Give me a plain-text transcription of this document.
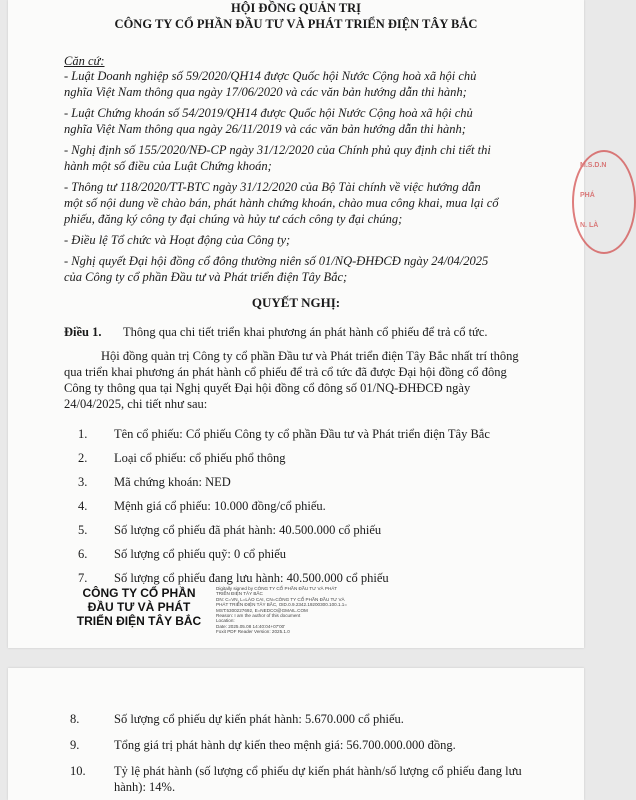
HỘI ĐỒNG QUẢN TRỊ
CÔNG TY CỔ PHẦN ĐẦU TƯ VÀ PHÁT TRIỂN ĐIỆN TÂY BẮC
Căn cứ:
- Luật Doanh nghiệp số 59/2020/QH14 được Quốc hội Nước Cộng hoà xã hội chủ
nghĩa Việt Nam thông qua ngày 17/06/2020 và các văn bản hướng dẫn thi hành;
- Luật Chứng khoán số 54/2019/QH14 được Quốc hội Nước Cộng hoà xã hội chủ
nghĩa Việt Nam thông qua ngày 26/11/2019 và các văn bản hướng dẫn thi hành;
- Nghị định số 155/2020/NĐ-CP ngày 31/12/2020 của Chính phủ quy định chi tiết thi
hành một số điều của Luật Chứng khoán;
- Thông tư 118/2020/TT-BTC ngày 31/12/2020 của Bộ Tài chính về việc hướng dẫn
một số nội dung về chào bán, phát hành chứng khoán, chào mua công khai, mua lại cổ
phiếu, đăng ký công ty đại chúng và hủy tư cách công ty đại chúng;
- Điều lệ Tổ chức và Hoạt động của Công ty;
- Nghị quyết Đại hội đồng cổ đông thường niên số 01/NQ-ĐHĐCĐ ngày 24/04/2025
của Công ty cổ phần Đầu tư và Phát triển điện Tây Bắc;
QUYẾT NGHỊ:
Điều 1. Thông qua chi tiết triển khai phương án phát hành cổ phiếu để trả cổ tức.
Hội đồng quản trị Công ty cổ phần Đầu tư và Phát triển điện Tây Bắc nhất trí thông
qua triển khai phương án phát hành cổ phiếu để trả cổ tức đã được Đại hội đồng cổ đông
Công ty thông qua tại Nghị quyết Đại hội đồng cổ đông số 01/NQ-ĐHĐCĐ ngày
24/04/2025, chi tiết như sau:
1. Tên cổ phiếu: Cổ phiếu Công ty cổ phần Đầu tư và Phát triển điện Tây Bắc
2. Loại cổ phiếu: cổ phiếu phổ thông
3. Mã chứng khoán: NED
4. Mệnh giá cổ phiếu: 10.000 đồng/cổ phiếu.
5. Số lượng cổ phiếu đã phát hành: 40.500.000 cổ phiếu
6. Số lượng cổ phiếu quỹ: 0 cổ phiếu
7. Số lượng cổ phiếu đang lưu hành: 40.500.000 cổ phiếu
CÔNG TY CỔ PHẦN
ĐẦU TƯ VÀ PHÁT
TRIỂN ĐIỆN TÂY BẮC
Digitally signed by CÔNG TY CỔ PHẦN ĐẦU TƯ VÀ PHÁT
TRIỂN ĐIỆN TÂY BẮC
DN: C=VN, L=LÀO CAI, CN=CÔNG TY CỔ PHẦN ĐẦU TƯ VÀ
PHÁT TRIỂN ĐIỆN TÂY BẮC, OID.0.9.2342.19200300.100.1.1=
MST:5300227692, E=NEDCO@GMAIL.COM
Reason: I am the author of this document
Location:
Date: 2025.05.08 14:40:04+07'00'
Foxit PDF Reader Version: 2025.1.0
M.S.D.N
PHÁ
N. LÀ
8.	Số lượng cổ phiếu dự kiến phát hành: 5.670.000 cổ phiếu.
9.	Tổng giá trị phát hành dự kiến theo mệnh giá: 56.700.000.000 đồng.
10. Tỷ lệ phát hành (số lượng cổ phiếu dự kiến phát hành/số lượng cổ phiếu đang lưu
hành): 14%.
